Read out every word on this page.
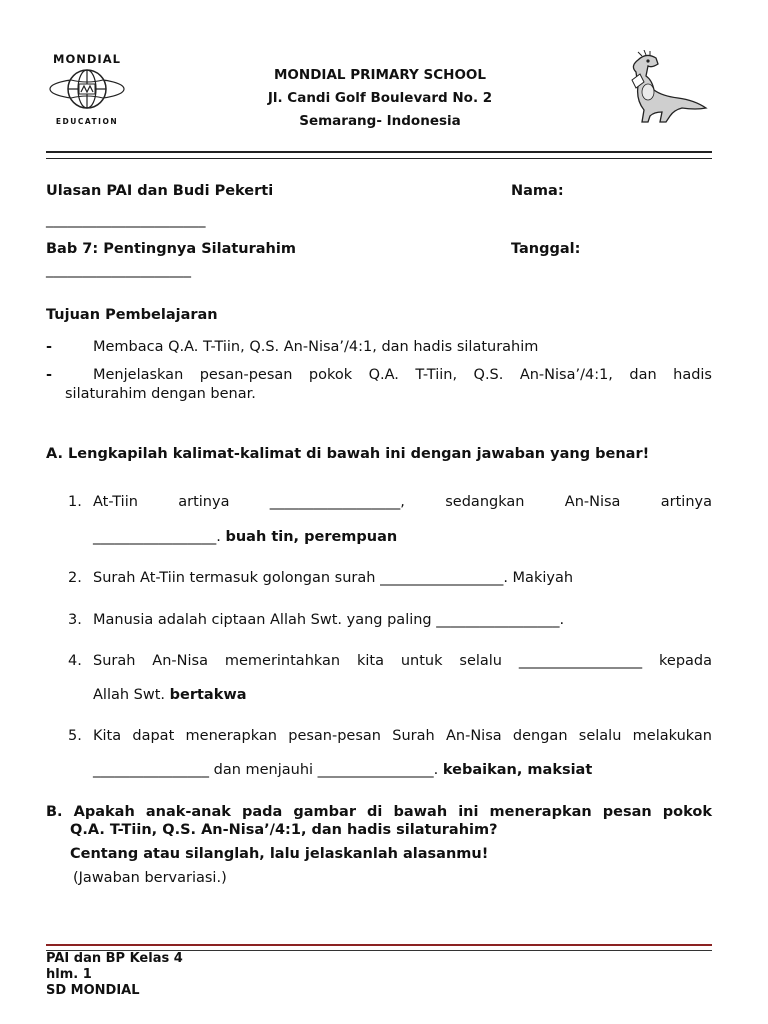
MONDIAL
EDUCATION
MONDIAL PRIMARY SCHOOL
Jl. Candi Golf Boulevard No. 2
Semarang- Indonesia
Ulasan PAI dan Budi Pekerti	Nama:
______________________
Bab 7: Pentingnya Silaturahim	Tanggal:
____________________
Tujuan Pembelajaran
-	Membaca Q.A. T-Tiin, Q.S. An-Nisa’/4:1, dan hadis silaturahim
-	Menjelaskan pesan-pesan pokok Q.A. T-Tiin, Q.S. An-Nisa’/4:1, dan hadis
silaturahim dengan benar.
A. Lengkapilah kalimat-kalimat di bawah ini dengan jawaban yang benar!
1. At-Tiin artinya __________________, sedangkan An-Nisa artinya
_________________. buah tin, perempuan
2. Surah At-Tiin termasuk golongan surah _________________. Makiyah
3. Manusia adalah ciptaan Allah Swt. yang paling _________________.
4. Surah An-Nisa memerintahkan kita untuk selalu _________________ kepada
Allah Swt. bertakwa
5. Kita dapat menerapkan pesan-pesan Surah An-Nisa dengan selalu melakukan
________________ dan menjauhi ________________. kebaikan, maksiat
B. Apakah anak-anak pada gambar di bawah ini menerapkan pesan pokok
Q.A. T-Tiin, Q.S. An-Nisa’/4:1, dan hadis silaturahim?
Centang atau silanglah, lalu jelaskanlah alasanmu!
(Jawaban bervariasi.)
PAI dan BP Kelas 4
hlm. 1
SD MONDIAL
